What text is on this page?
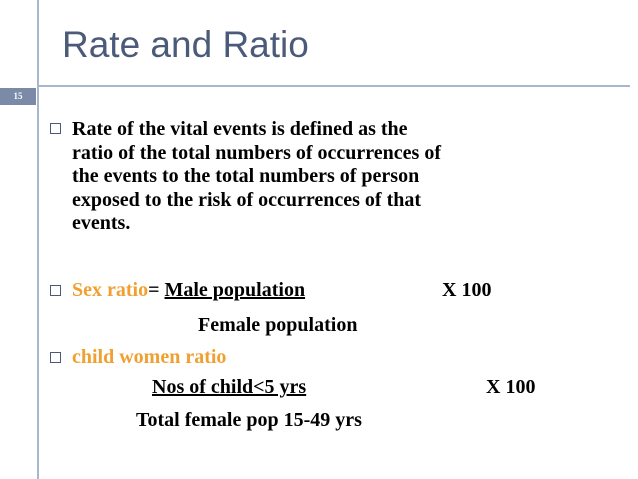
Rate and Ratio
15
Rate of the vital events is defined as the
ratio of the total numbers of occurrences of
the events to the total numbers of person
exposed to the risk of occurrences of that
events.
Sex ratio= Male population	X 100
Female population
child women ratio
Nos of child<5 yrs	X 100
Total female pop 15-49 yrs
